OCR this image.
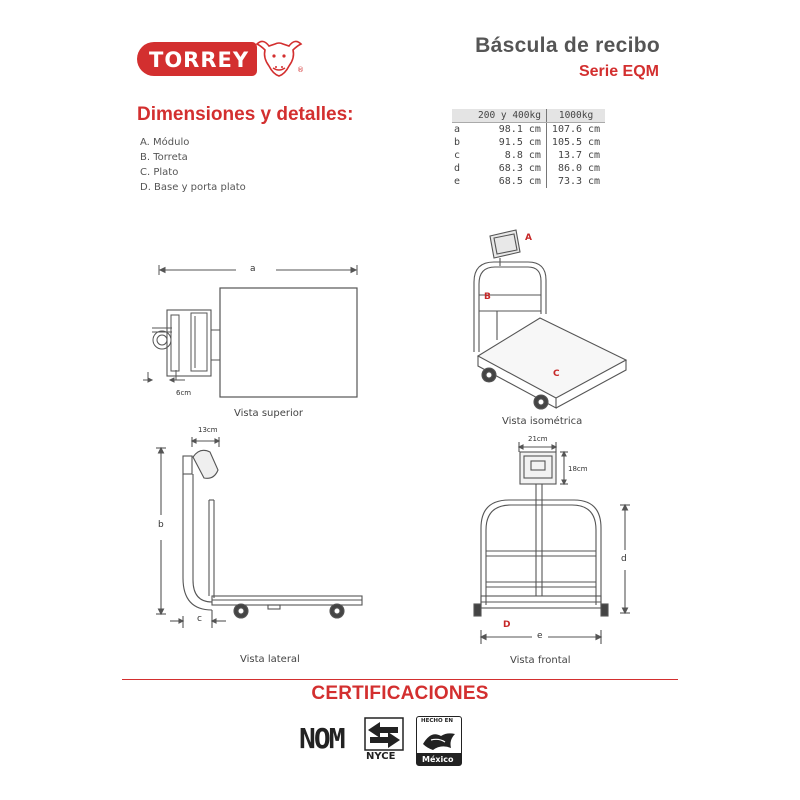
TORREY	®
Báscula de recibo
Serie EQM
Dimensiones y detalles:
A. Módulo
B. Torreta
C. Plato
D. Base y porta plato
	200 y 400kg	1000kg
a	98.1 cm	107.6 cm
b	91.5 cm	105.5 cm
c	8.8 cm	13.7 cm
d	68.3 cm	86.0 cm
e	68.5 cm	73.3 cm
a
6cm
Vista superior
A
B
C
Vista isométrica
13cm
b
c
Vista lateral
21cm
18cm
d
e
D
Vista frontal
CERTIFICACIONES
NOM
NYCE
HECHO EN
México
